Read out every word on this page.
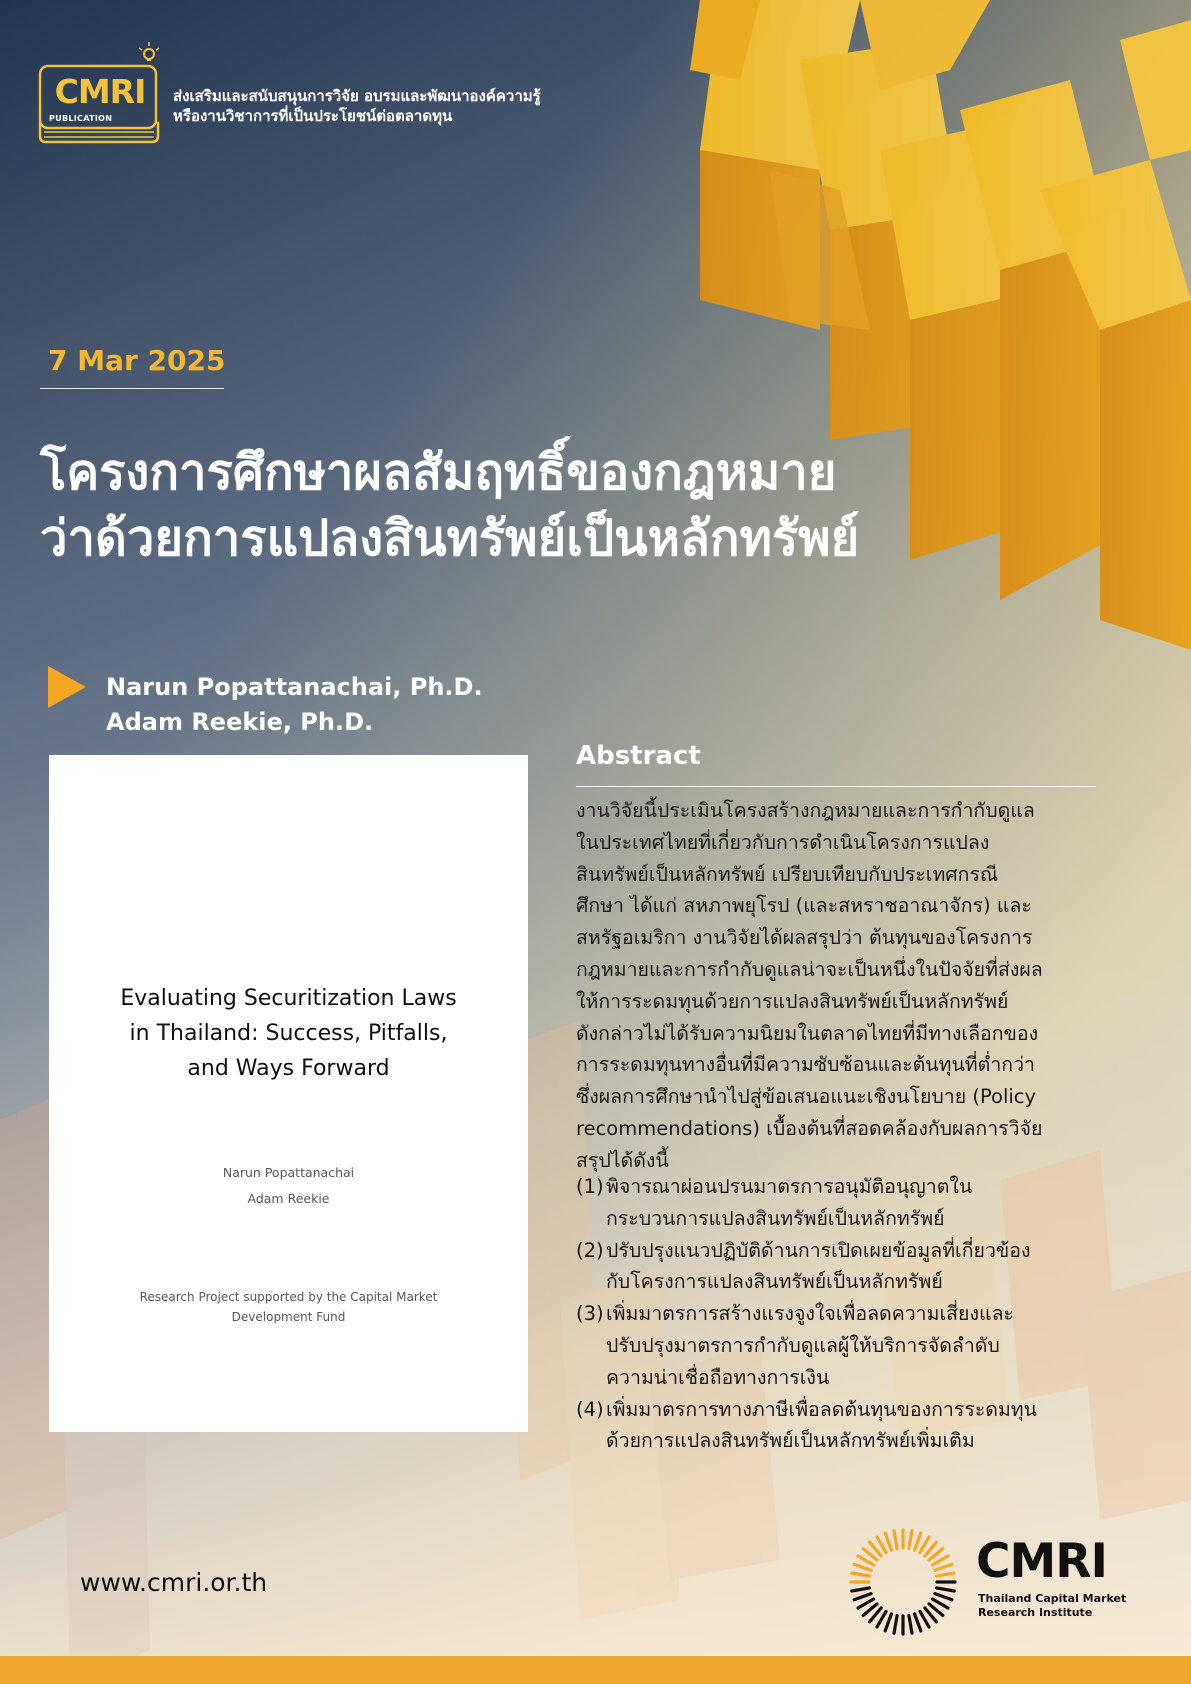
CMRI
PUBLICATION
ส่งเสริมและสนับสนุนการวิจัย อบรมและพัฒนาองค์ความรู้
หรืองานวิชาการที่เป็นประโยชน์ต่อตลาดทุน
7 Mar 2025
โครงการศึกษาผลสัมฤทธิ์ของกฎหมาย
ว่าด้วยการแปลงสินทรัพย์เป็นหลักทรัพย์
Narun Popattanachai, Ph.D.
Adam Reekie, Ph.D.
Evaluating Securitization Laws
in Thailand: Success, Pitfalls,
and Ways Forward
Narun Popattanachai
Adam Reekie
Research Project supported by the Capital Market
Development Fund
Abstract
งานวิจัยนี้ประเมินโครงสร้างกฎหมายและการกำกับดูแล
ในประเทศไทยที่เกี่ยวกับการดำเนินโครงการแปลง
สินทรัพย์เป็นหลักทรัพย์ เปรียบเทียบกับประเทศกรณี
ศึกษา ได้แก่ สหภาพยุโรป (และสหราชอาณาจักร) และ
สหรัฐอเมริกา งานวิจัยได้ผลสรุปว่า ต้นทุนของโครงการ
กฎหมายและการกำกับดูแลน่าจะเป็นหนึ่งในปัจจัยที่ส่งผล
ให้การระดมทุนด้วยการแปลงสินทรัพย์เป็นหลักทรัพย์
ดังกล่าวไม่ได้รับความนิยมในตลาดไทยที่มีทางเลือกของ
การระดมทุนทางอื่นที่มีความซับซ้อนและต้นทุนที่ต่ำกว่า
ซึ่งผลการศึกษานำไปสู่ข้อเสนอแนะเชิงนโยบาย (Policy
recommendations) เบื้องต้นที่สอดคล้องกับผลการวิจัย
สรุปได้ดังนี้
(1) พิจารณาผ่อนปรนมาตรการอนุมัติอนุญาตใน
กระบวนการแปลงสินทรัพย์เป็นหลักทรัพย์
(2) ปรับปรุงแนวปฏิบัติด้านการเปิดเผยข้อมูลที่เกี่ยวข้อง
กับโครงการแปลงสินทรัพย์เป็นหลักทรัพย์
(3) เพิ่มมาตรการสร้างแรงจูงใจเพื่อลดความเสี่ยงและ
ปรับปรุงมาตรการกำกับดูแลผู้ให้บริการจัดลำดับ
ความน่าเชื่อถือทางการเงิน
(4) เพิ่มมาตรการทางภาษีเพื่อลดต้นทุนของการระดมทุน
ด้วยการแปลงสินทรัพย์เป็นหลักทรัพย์เพิ่มเติม
www.cmri.or.th	CMRI
Thailand Capital Market
Research Institute
